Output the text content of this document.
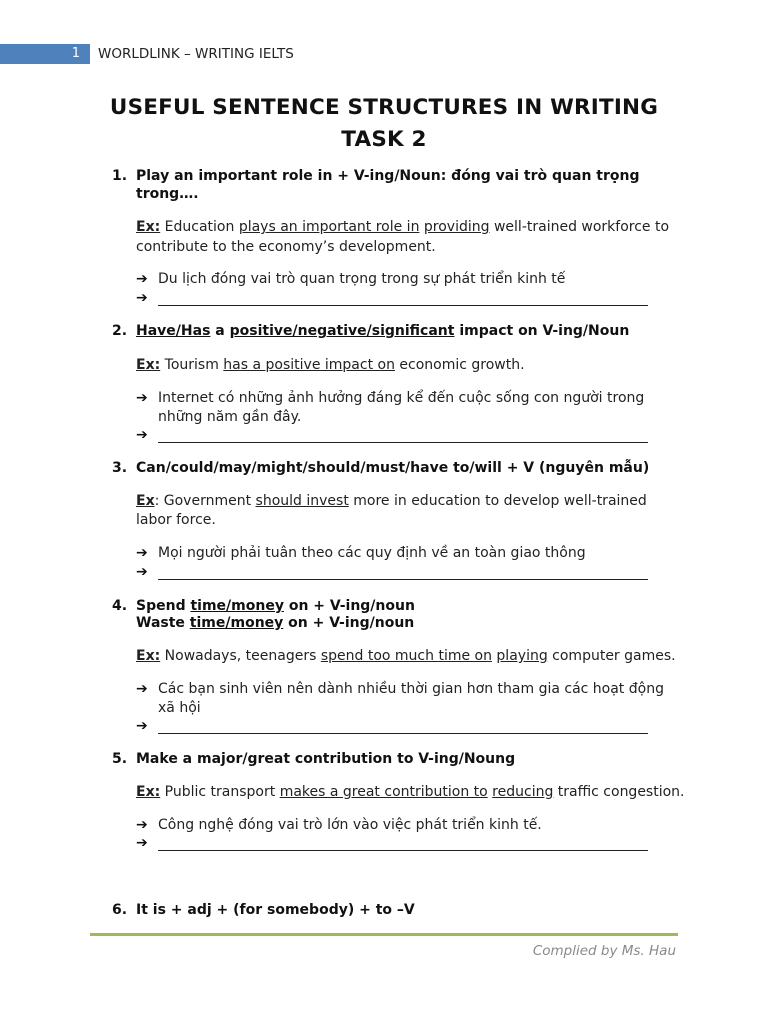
1	WORLDLINK – WRITING IELTS
USEFUL SENTENCE STRUCTURES IN WRITING
TASK 2
1. Play an important role in + V-ing/Noun: đóng vai trò quan trọng
trong….
Ex: Education plays an important role in providing well-trained workforce to
contribute to the economy’s development.
➔ Du lịch đóng vai trò quan trọng trong sự phát triển kinh tế
➔
2. Have/Has a positive/negative/significant impact on V-ing/Noun
Ex: Tourism has a positive impact on economic growth.
➔ Internet có những ảnh hưởng đáng kể đến cuộc sống con người trong
những năm gần đây.
➔
3. Can/could/may/might/should/must/have to/will + V (nguyên mẫu)
Ex: Government should invest more in education to develop well-trained
labor force.
➔ Mọi người phải tuân theo các quy định về an toàn giao thông
➔
4. Spend time/money on + V-ing/noun
Waste time/money on + V-ing/noun
Ex: Nowadays, teenagers spend too much time on playing computer games.
➔ Các bạn sinh viên nên dành nhiều thời gian hơn tham gia các hoạt động
xã hội
➔
5. Make a major/great contribution to V-ing/Noung
Ex: Public transport makes a great contribution to reducing traffic congestion.
➔ Công nghệ đóng vai trò lớn vào việc phát triển kinh tế.
➔
6. It is + adj + (for somebody) + to –V
Complied by Ms. Hau
